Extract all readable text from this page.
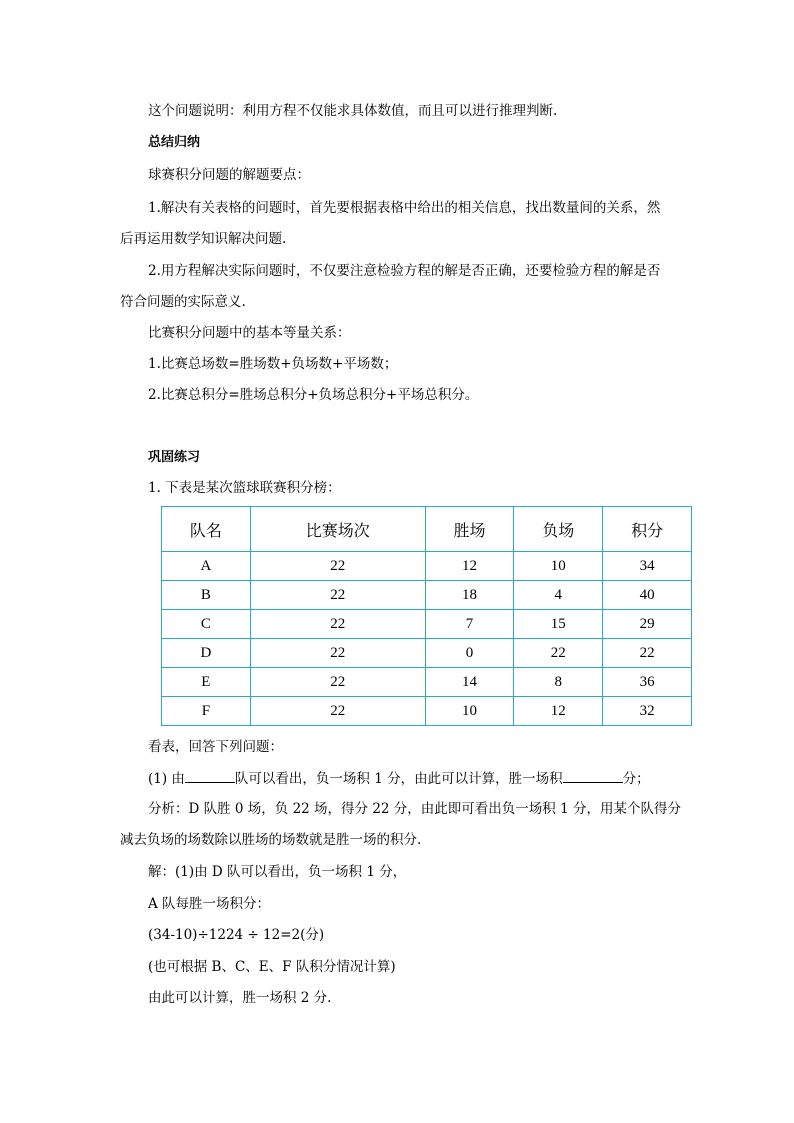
这个问题说明：利用方程不仅能求具体数值，而且可以进行推理判断.
总结归纳
球赛积分问题的解题要点：
1.解决有关表格的问题时，首先要根据表格中给出的相关信息，找出数量间的关系，然
后再运用数学知识解决问题.
2.用方程解决实际问题时，不仅要注意检验方程的解是否正确，还要检验方程的解是否
符合问题的实际意义.
比赛积分问题中的基本等量关系：
1.比赛总场数=胜场数+负场数+平场数；
2.比赛总积分=胜场总积分+负场总积分+平场总积分。
巩固练习
1. 下表是某次篮球联赛积分榜：
队名	比赛场次	胜场	负场	积分
A	22	12	10	34
B	22	18	4	40
C	22	7	15	29
D	22	0	22	22
E	22	14	8	36
F	22	10	12	32
看表，回答下列问题：
(1) 由	队可以看出，负一场积 1 分，由此可以计算，胜一场积	分；
分析：D 队胜 0 场，负 22 场，得分 22 分，由此即可看出负一场积 1 分，用某个队得分
减去负场的场数除以胜场的场数就是胜一场的积分.
解：(1)由 D 队可以看出，负一场积 1 分，
A 队每胜一场积分：
(34-10)÷1224 ÷ 12=2(分)
(也可根据 B、C、E、F 队积分情况计算)
由此可以计算，胜一场积 2 分.
